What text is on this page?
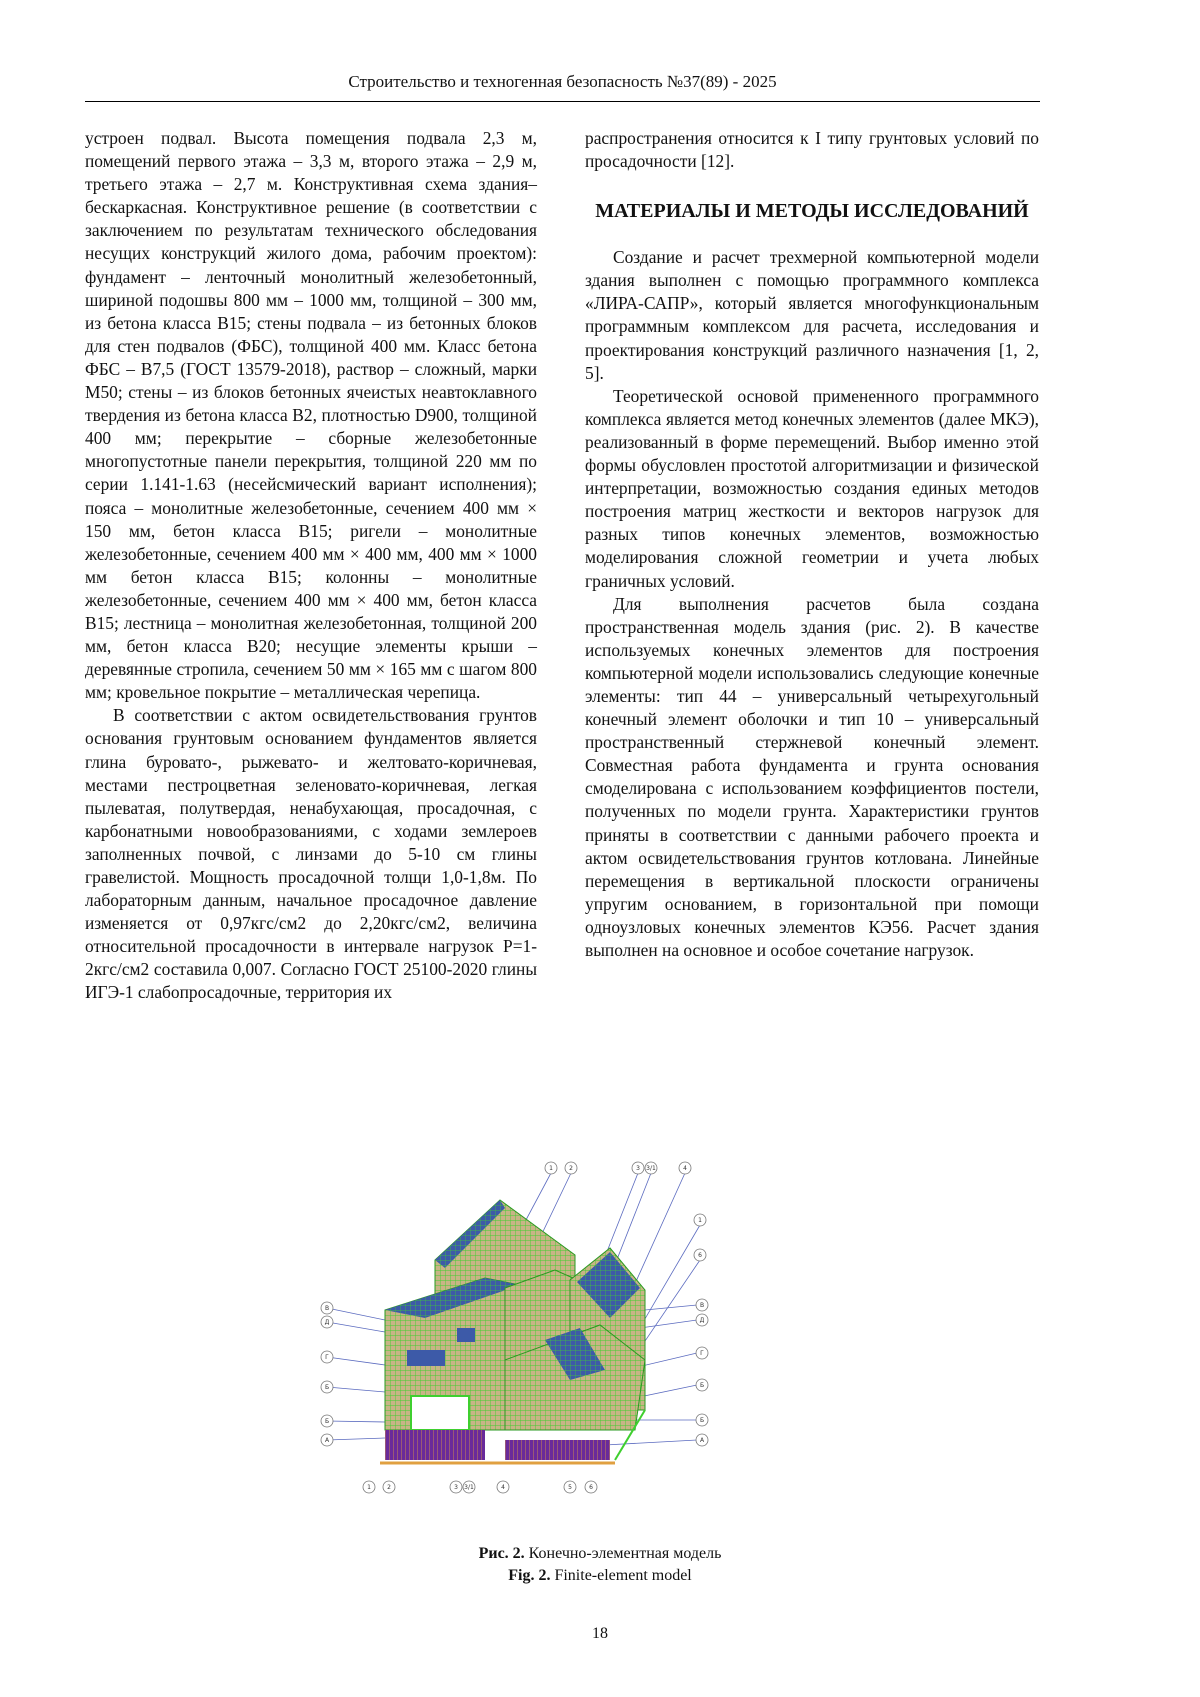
Строительство и техногенная безопасность №37(89) - 2025

устроен подвал. Высота помещения подвала 2,3 м, помещений первого этажа – 3,3 м, второго этажа – 2,9 м, третьего этажа – 2,7 м. Конструктивная схема здания–бескаркасная. Конструктивное решение (в соответствии с заключением по результатам технического обследования несущих конструкций жилого дома, рабочим проектом): фундамент – ленточный монолитный железобетонный, шириной подошвы 800 мм – 1000 мм, толщиной – 300 мм, из бетона класса В15; стены подвала – из бетонных блоков для стен подвалов (ФБС), толщиной 400 мм. Класс бетона ФБС – В7,5 (ГОСТ 13579-2018), раствор – сложный, марки М50; стены – из блоков бетонных ячеистых неавтоклавного твердения из бетона класса В2, плотностью D900, толщиной 400 мм; перекрытие – сборные железобетонные многопустотные панели перекрытия, толщиной 220 мм по серии 1.141-1.63 (несейсмический вариант исполнения); пояса – монолитные железобетонные, сечением 400 мм × 150 мм, бетон класса В15; ригели – монолитные железобетонные, сечением 400 мм × 400 мм, 400 мм × 1000 мм бетон класса В15; колонны – монолитные железобетонные, сечением 400 мм × 400 мм, бетон класса В15; лестница – монолитная железобетонная, толщиной 200 мм, бетон класса В20; несущие элементы крыши – деревянные стропила, сечением 50 мм × 165 мм с шагом 800 мм; кровельное покрытие – металлическая черепица.

В соответствии с актом освидетельствования грунтов основания грунтовым основанием фундаментов является глина буровато-, рыжевато- и желтовато-коричневая, местами пестроцветная зеленовато-коричневая, легкая пылеватая, полутвердая, ненабухающая, просадочная, с карбонатными новообразованиями, с ходами землероев заполненных почвой, с линзами до 5-10 см глины гравелистой. Мощность просадочной толщи 1,0-1,8м. По лабораторным данным, начальное просадочное давление изменяется от 0,97кгс/см2 до 2,20кгс/см2, величина относительной просадочности в интервале нагрузок Р=1-2кгс/см2 составила 0,007. Согласно ГОСТ 25100-2020 глины ИГЭ-1 слабопросадочные, территория их

распространения относится к I типу грунтовых условий по просадочности [12].

МАТЕРИАЛЫ И МЕТОДЫ ИССЛЕДОВАНИЙ

Создание и расчет трехмерной компьютерной модели здания выполнен с помощью программного комплекса «ЛИРА-САПР», который является многофункциональным программным комплексом для расчета, исследования и проектирования конструкций различного назначения [1, 2, 5].

Теоретической основой примененного программного комплекса является метод конечных элементов (далее МКЭ), реализованный в форме перемещений. Выбор именно этой формы обусловлен простотой алгоритмизации и физической интерпретации, возможностью создания единых методов построения матриц жесткости и векторов нагрузок для разных типов конечных элементов, возможностью моделирования сложной геометрии и учета любых граничных условий.

Для выполнения расчетов была создана пространственная модель здания (рис. 2). В качестве используемых конечных элементов для построения компьютерной модели использовались следующие конечные элементы: тип 44 – универсальный четырехугольный конечный элемент оболочки и тип 10 – универсальный пространственный стержневой конечный элемент. Совместная работа фундамента и грунта основания смоделирована с использованием коэффициентов постели, полученных по модели грунта. Характеристики грунтов приняты в соответствии с данными рабочего проекта и актом освидетельствования грунтов котлована. Линейные перемещения в вертикальной плоскости ограничены упругим основанием, в горизонтальной при помощи одноузловых конечных элементов КЭ56. Расчет здания выполнен на основное и особое сочетание нагрузок.

1	2	3 3/1	4
1
6
В
Д
Г
Б
Б
А
В
Д
Г
Б
Б
А
1	2	3 3/1	4	5	6
Рис. 2. Конечно-элементная модель
Fig. 2. Finite-element model
18
